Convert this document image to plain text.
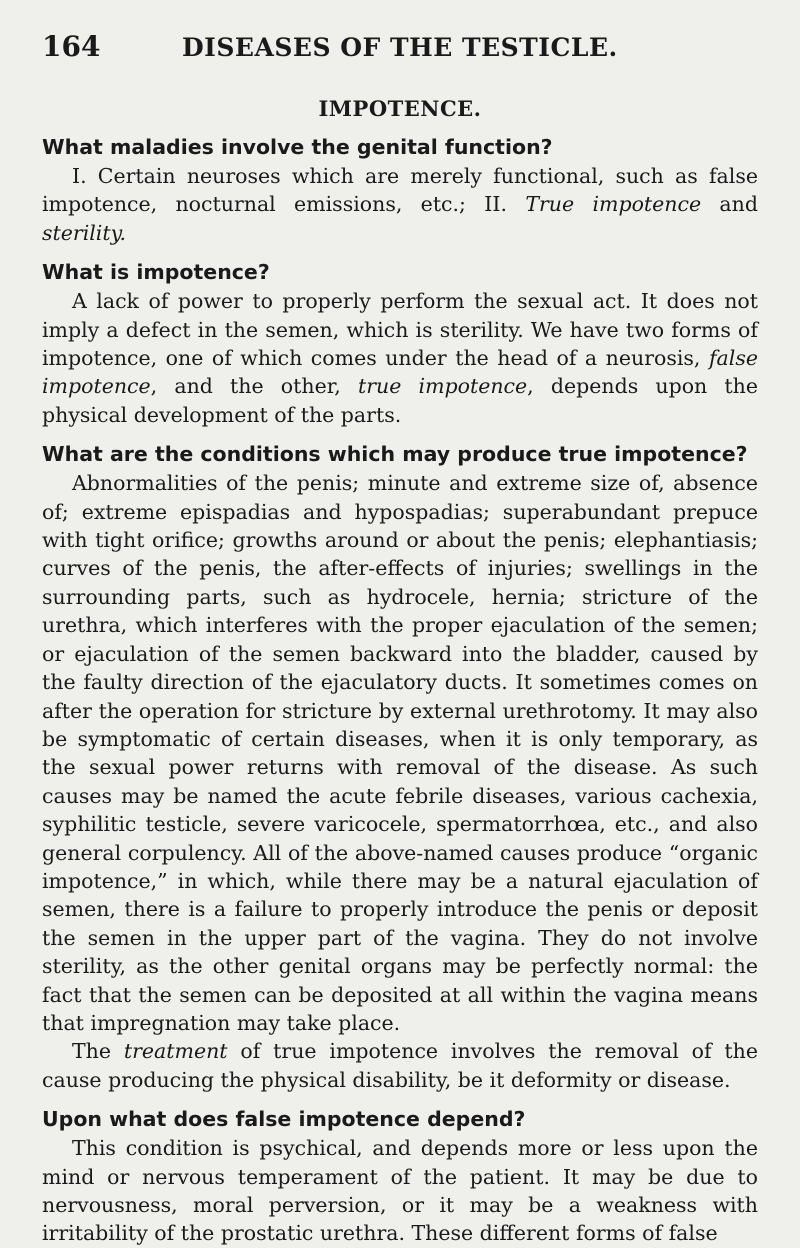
164	DISEASES OF THE TESTICLE.
IMPOTENCE.

What maladies involve the genital function?

I. Certain neuroses which are merely functional, such as false impotence, nocturnal emissions, etc.; II. True impotence and sterility.

What is impotence?

A lack of power to properly perform the sexual act. It does not imply a defect in the semen, which is sterility. We have two forms of impotence, one of which comes under the head of a neurosis, false impotence, and the other, true impotence, depends upon the physical development of the parts.

What are the conditions which may produce true impotence?

Abnormalities of the penis; minute and extreme size of, absence of; extreme epispadias and hypospadias; superabundant prepuce with tight orifice; growths around or about the penis; elephantiasis; curves of the penis, the after-effects of injuries; swellings in the surrounding parts, such as hydrocele, hernia; stricture of the urethra, which interferes with the proper ejaculation of the semen; or ejaculation of the semen backward into the bladder, caused by the faulty direction of the ejaculatory ducts. It sometimes comes on after the operation for stricture by external urethrotomy. It may also be symptomatic of certain diseases, when it is only temporary, as the sexual power returns with removal of the disease. As such causes may be named the acute febrile diseases, various cachexia, syphilitic testicle, severe varicocele, spermatorrhœa, etc., and also general corpulency. All of the above-named causes produce “organic impotence,” in which, while there may be a natural ejaculation of semen, there is a failure to properly introduce the penis or deposit the semen in the upper part of the vagina. They do not involve sterility, as the other genital organs may be perfectly normal: the fact that the semen can be deposited at all within the vagina means that impregnation may take place.

The treatment of true impotence involves the removal of the cause producing the physical disability, be it deformity or disease.

Upon what does false impotence depend?

This condition is psychical, and depends more or less upon the mind or nervous temperament of the patient. It may be due to nervousness, moral perversion, or it may be a weakness with irritability of the prostatic urethra. These different forms of false
